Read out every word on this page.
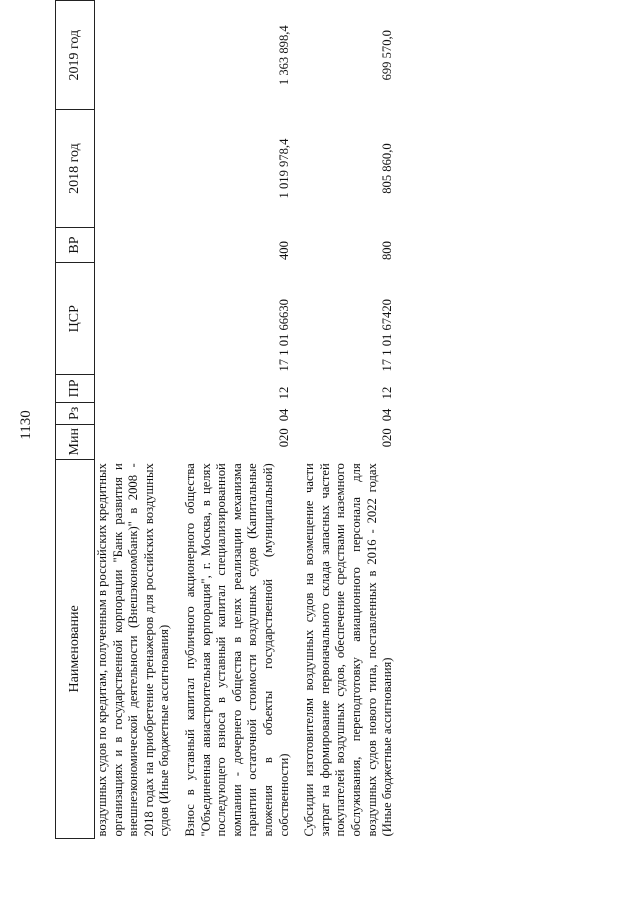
1130
Наименование	Мин	Рз	ПР	ЦСР	ВР	2018 год	2019 год
воздушных судов по кредитам, полученным в российских кредитных организациях и в государственной корпорации "Банк развития и внешнеэкономической деятельности (Внешэкономбанк)" в 2008 - 2018 годах на приобретение тренажеров для российских воздушных судов (Иные бюджетные ассигнования)							
Взнос в уставный капитал публичного акционерного общества "Объединенная авиастроительная корпорация", г. Москва, в целях последующего взноса в уставный капитал специализированной компании - дочернего общества в целях реализации механизма гарантии остаточной стоимости воздушных судов (Капитальные вложения в объекты государственной (муниципальной) собственности)	020	04	12	17 1 01 66630	400	1 019 978,4	1 363 898,4
Субсидии изготовителям воздушных судов на возмещение части затрат на формирование первоначального склада запасных частей покупателей воздушных судов, обеспечение средствами наземного обслуживания, переподготовку авиационного персонала для воздушных судов нового типа, поставленных в 2016 - 2022 годах (Иные бюджетные ассигнования)	020	04	12	17 1 01 67420	800	805 860,0	699 570,0
